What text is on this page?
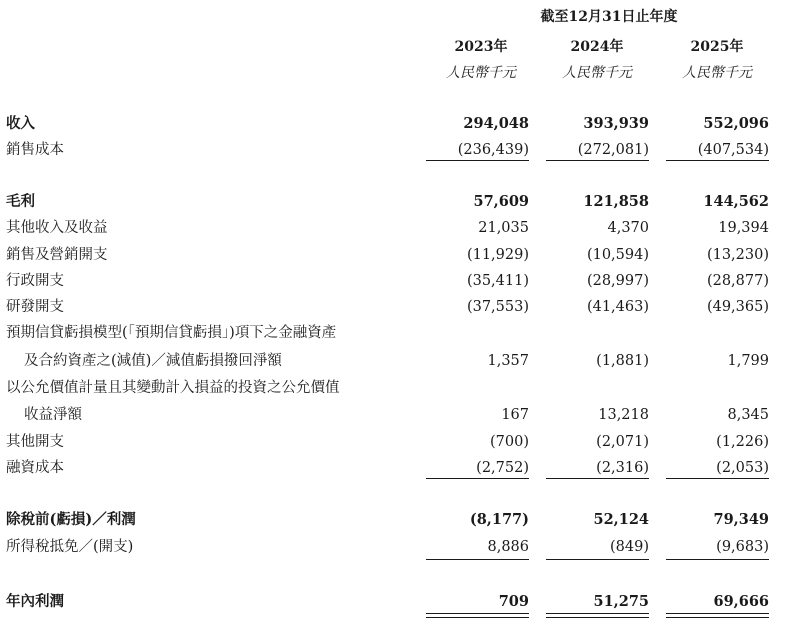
截至12月31日止年度
2023年	2024年	2025年
人民幣千元	人民幣千元	人民幣千元
收入	294,048	393,939	552,096
銷售成本	(236,439)	(272,081)	(407,534)
毛利	57,609	121,858	144,562
其他收入及收益	21,035	4,370	19,394
銷售及營銷開支	(11,929)	(10,594)	(13,230)
行政開支	(35,411)	(28,997)	(28,877)
研發開支	(37,553)	(41,463)	(49,365)
預期信貸虧損模型(「預期信貸虧損」)項下之金融資產
及合約資產之(減值)／減值虧損撥回淨額	1,357	(1,881)	1,799
以公允價值計量且其變動計入損益的投資之公允價值
收益淨額	167	13,218	8,345
其他開支	(700)	(2,071)	(1,226)
融資成本	(2,752)	(2,316)	(2,053)
除稅前(虧損)／利潤	(8,177)	52,124	79,349
所得稅抵免／(開支)	8,886	(849)	(9,683)
年內利潤	709	51,275	69,666
